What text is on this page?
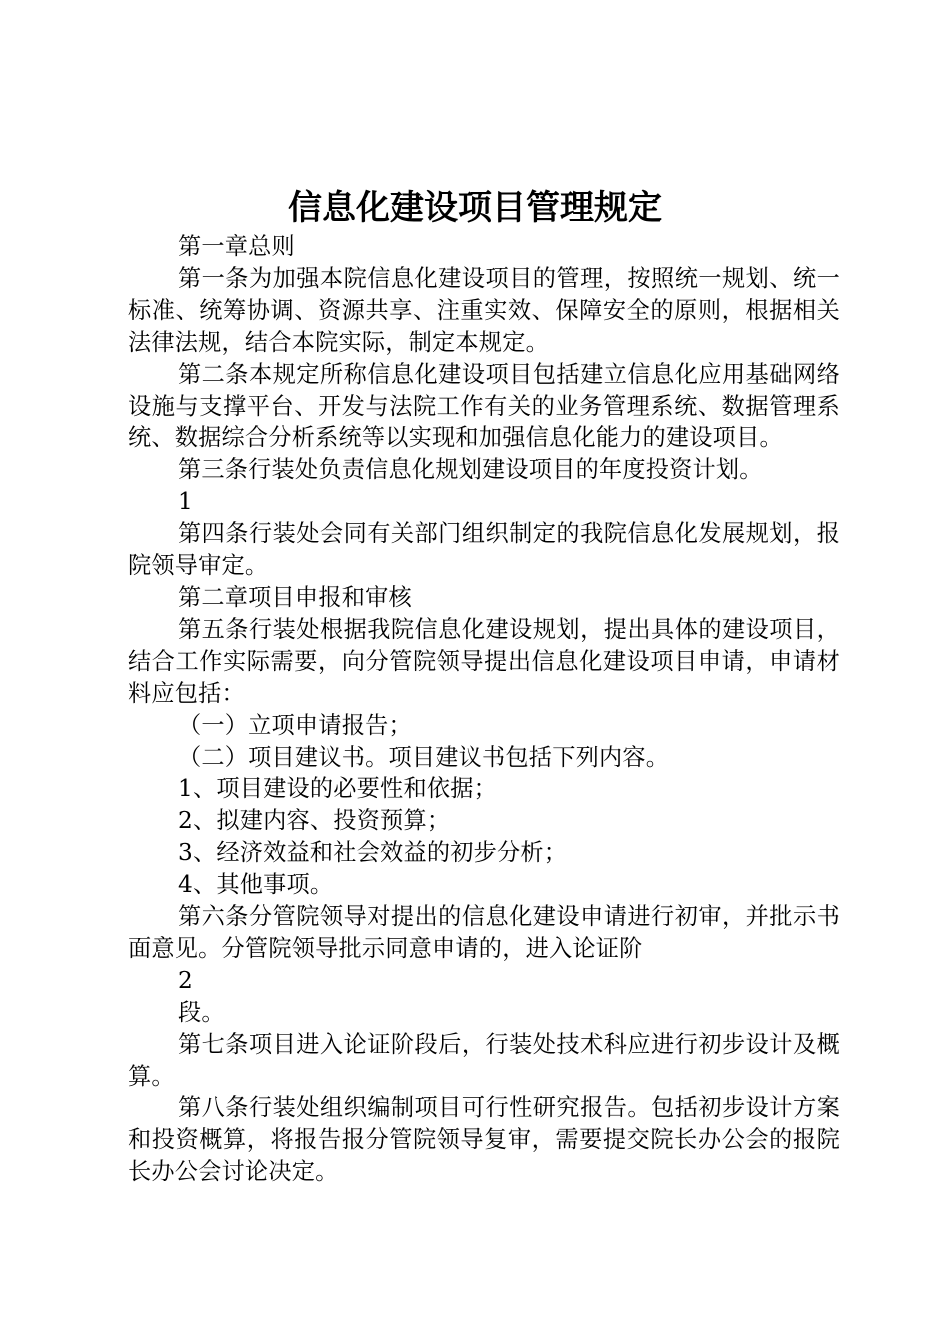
信息化建设项目管理规定

第一章总则

第一条为加强本院信息化建设项目的管理，按照统一规划、统一标准、统筹协调、资源共享、注重实效、保障安全的原则，根据相关法律法规，结合本院实际，制定本规定。

第二条本规定所称信息化建设项目包括建立信息化应用基础网络设施与支撑平台、开发与法院工作有关的业务管理系统、数据管理系统、数据综合分析系统等以实现和加强信息化能力的建设项目。

第三条行装处负责信息化规划建设项目的年度投资计划。

1

第四条行装处会同有关部门组织制定的我院信息化发展规划，报院领导审定。

第二章项目申报和审核

第五条行装处根据我院信息化建设规划，提出具体的建设项目，结合工作实际需要，向分管院领导提出信息化建设项目申请，申请材料应包括：

（一）立项申请报告；

（二）项目建议书。项目建议书包括下列内容。

1、项目建设的必要性和依据；

2、拟建内容、投资预算；

3、经济效益和社会效益的初步分析；

4、其他事项。

第六条分管院领导对提出的信息化建设申请进行初审，并批示书面意见。分管院领导批示同意申请的，进入论证阶

2

段。

第七条项目进入论证阶段后，行装处技术科应进行初步设计及概算。

第八条行装处组织编制项目可行性研究报告。包括初步设计方案和投资概算，将报告报分管院领导复审，需要提交院长办公会的报院长办公会讨论决定。
